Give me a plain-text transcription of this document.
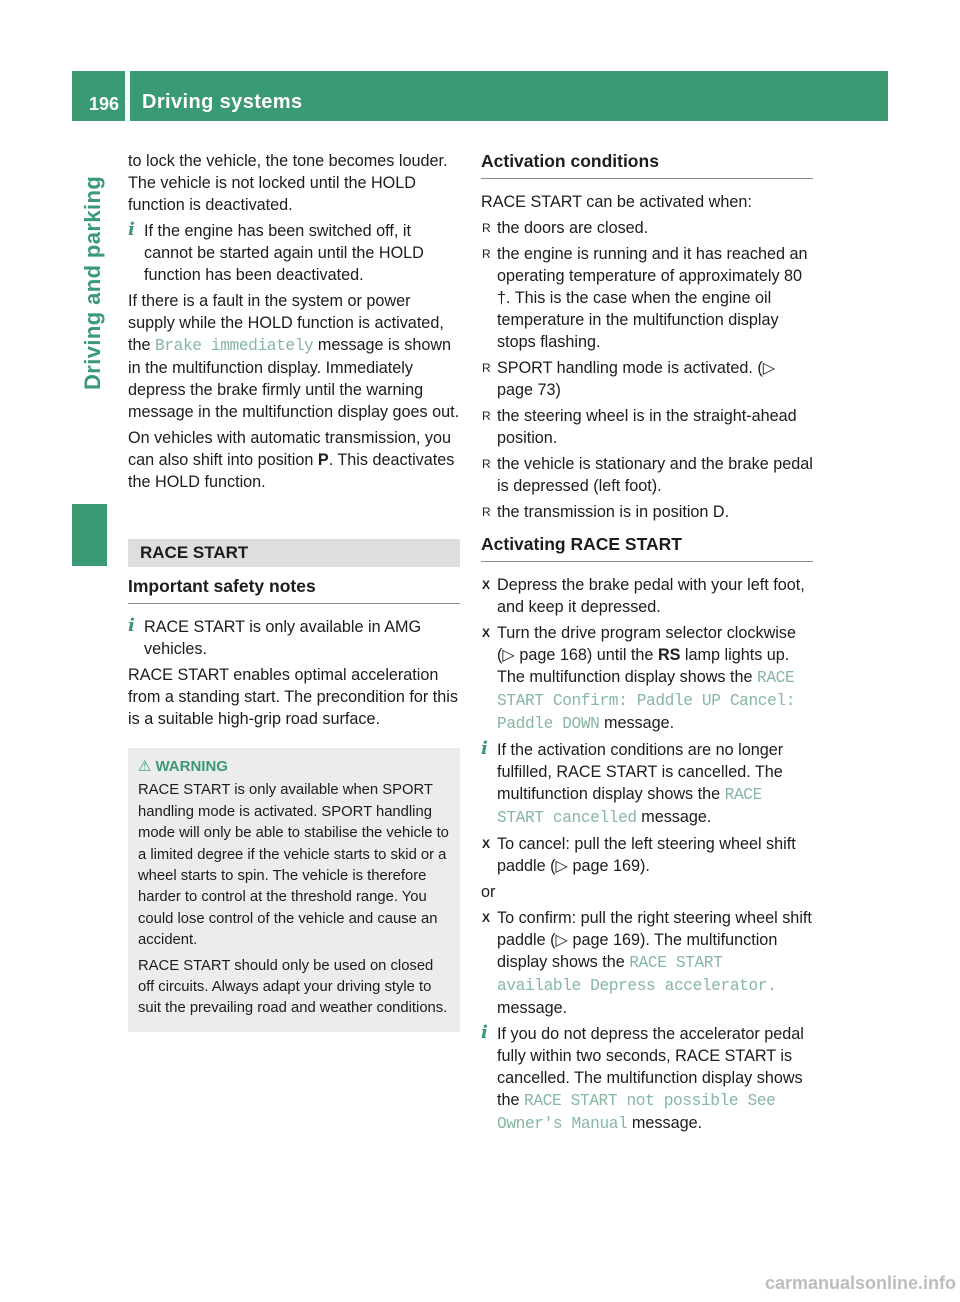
Driving systems
196
Driving and parking

to lock the vehicle, the tone becomes louder. The vehicle is not locked until the HOLD function is deactivated.

i If the engine has been switched off, it cannot be started again until the HOLD function has been deactivated.

If there is a fault in the system or power supply while the HOLD function is activated, the Brake immediately message is shown in the multifunction display. Immediately depress the brake firmly until the warning message in the multifunction display goes out.

On vehicles with automatic transmission, you can also shift into position P. This deactivates the HOLD function.

RACE START
Important safety notes
i RACE START is only available in AMG vehicles.

RACE START enables optimal acceleration from a standing start. The precondition for this is a suitable high-grip road surface.

⚠ WARNING

RACE START is only available when SPORT handling mode is activated. SPORT handling mode will only be able to stabilise the vehicle to a limited degree if the vehicle starts to skid or a wheel starts to spin. The vehicle is therefore harder to control at the threshold range. You could lose control of the vehicle and cause an accident.

RACE START should only be used on closed off circuits. Always adapt your driving style to suit the prevailing road and weather conditions.

Activation conditions

RACE START can be activated when:

R the doors are closed.
R the engine is running and it has reached an operating temperature of approximately 80 †. This is the case when the engine oil temperature in the multifunction display stops flashing.
R SPORT handling mode is activated. (▷ page 73)
R the steering wheel is in the straight-ahead position.
R the vehicle is stationary and the brake pedal is depressed (left foot).
R the transmission is in position D.
Activating RACE START
X Depress the brake pedal with your left foot, and keep it depressed.
X Turn the drive program selector clockwise (▷ page 168) until the RS lamp lights up. The multifunction display shows the RACE START Confirm: Paddle UP Cancel: Paddle DOWN message.
i If the activation conditions are no longer fulfilled, RACE START is cancelled. The multifunction display shows the RACE START cancelled message.
X To cancel: pull the left steering wheel shift paddle (▷ page 169).

or

X To confirm: pull the right steering wheel shift paddle (▷ page 169). The multifunction display shows the RACE START available Depress accelerator. message.
i If you do not depress the accelerator pedal fully within two seconds, RACE START is cancelled. The multifunction display shows the RACE START not possible See Owner's Manual message.
carmanualsonline.info
